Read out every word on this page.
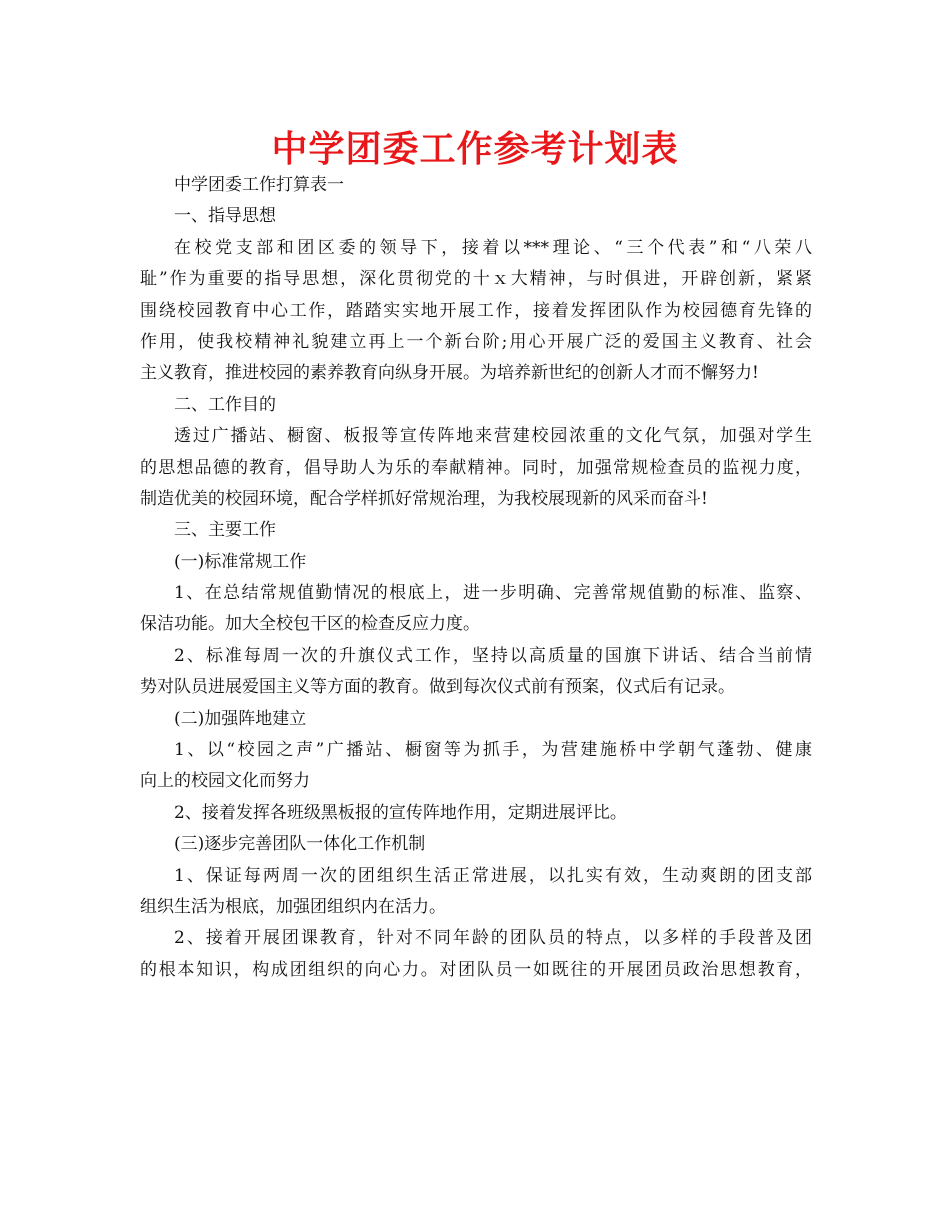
中学团委工作参考计划表
中学团委工作打算表一
一、指导思想
在校党支部和团区委的领导下，接着以***理论、“三个代表”和“八荣八
耻”作为重要的指导思想，深化贯彻党的十ｘ大精神，与时俱进，开辟创新，紧紧
围绕校园教育中心工作，踏踏实实地开展工作，接着发挥团队作为校园德育先锋的
作用，使我校精神礼貌建立再上一个新台阶;用心开展广泛的爱国主义教育、社会
主义教育，推进校园的素养教育向纵身开展。为培养新世纪的创新人才而不懈努力!
二、工作目的
透过广播站、橱窗、板报等宣传阵地来营建校园浓重的文化气氛，加强对学生
的思想品德的教育，倡导助人为乐的奉献精神。同时，加强常规检查员的监视力度，
制造优美的校园环境，配合学样抓好常规治理，为我校展现新的风采而奋斗!
三、主要工作
(一)标准常规工作
1、在总结常规值勤情况的根底上，进一步明确、完善常规值勤的标准、监察、
保洁功能。加大全校包干区的检查反应力度。
2、标准每周一次的升旗仪式工作，坚持以高质量的国旗下讲话、结合当前情
势对队员进展爱国主义等方面的教育。做到每次仪式前有预案，仪式后有记录。
(二)加强阵地建立
1、以“校园之声”广播站、橱窗等为抓手，为营建施桥中学朝气蓬勃、健康
向上的校园文化而努力
2、接着发挥各班级黑板报的宣传阵地作用，定期进展评比。
(三)逐步完善团队一体化工作机制
1、保证每两周一次的团组织生活正常进展，以扎实有效，生动爽朗的团支部
组织生活为根底，加强团组织内在活力。
2、接着开展团课教育，针对不同年龄的团队员的特点，以多样的手段普及团
的根本知识，构成团组织的向心力。对团队员一如既往的开展团员政治思想教育，
